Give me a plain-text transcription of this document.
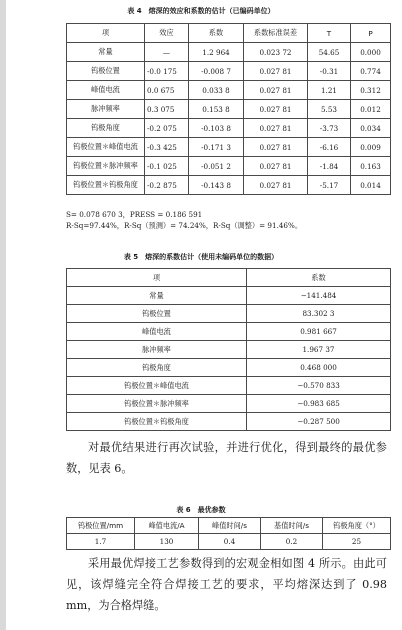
表 4　熔深的效应和系数的估计（已编码单位）
项	效应	系数	系数标准误差	T	P
常量	—	1.2 964	0.023 72	54.65	0.000
钨极位置	-0.0 175	-0.008 7	0.027 81	-0.31	0.774
峰值电流	0.0 675	0.033 8	0.027 81	1.21	0.312
脉冲频率	0.3 075	0.153 8	0.027 81	5.53	0.012
钨极角度	-0.2 075	-0.103 8	0.027 81	-3.73	0.034
钨极位置＊峰值电流	-0.3 425	-0.171 3	0.027 81	-6.16	0.009
钨极位置＊脉冲频率	-0.1 025	-0.051 2	0.027 81	-1.84	0.163
钨极位置＊钨极角度	-0.2 875	-0.143 8	0.027 81	-5.17	0.014
S= 0.078 670 3，PRESS = 0.186 591
R-Sq=97.44%，R-Sq（预测）= 74.24%，R-Sq（调整）= 91.46%。
表 5　熔深的系数估计（使用未编码单位的数据）
项	系数
常量	−141.484
钨极位置	83.302 3
峰值电流	0.981 667
脉冲频率	1.967 37
钨极角度	0.468 000
钨极位置＊峰值电流	−0.570 833
钨极位置＊脉冲频率	−0.983 685
钨极位置＊钨极角度	−0.287 500
对最优结果进行再次试验，并进行优化，得到最终的最优参数，见表 6。
表 6　最优参数
钨极位置/mm	峰值电流/A	峰值时间/s	基值时间/s	钨极角度（°）
1.7	130	0.4	0.2	25
采用最优焊接工艺参数得到的宏观金相如图 4 所示。由此可见，该焊缝完全符合焊接工艺的要求，平均熔深达到了 0.98 mm，为合格焊缝。
